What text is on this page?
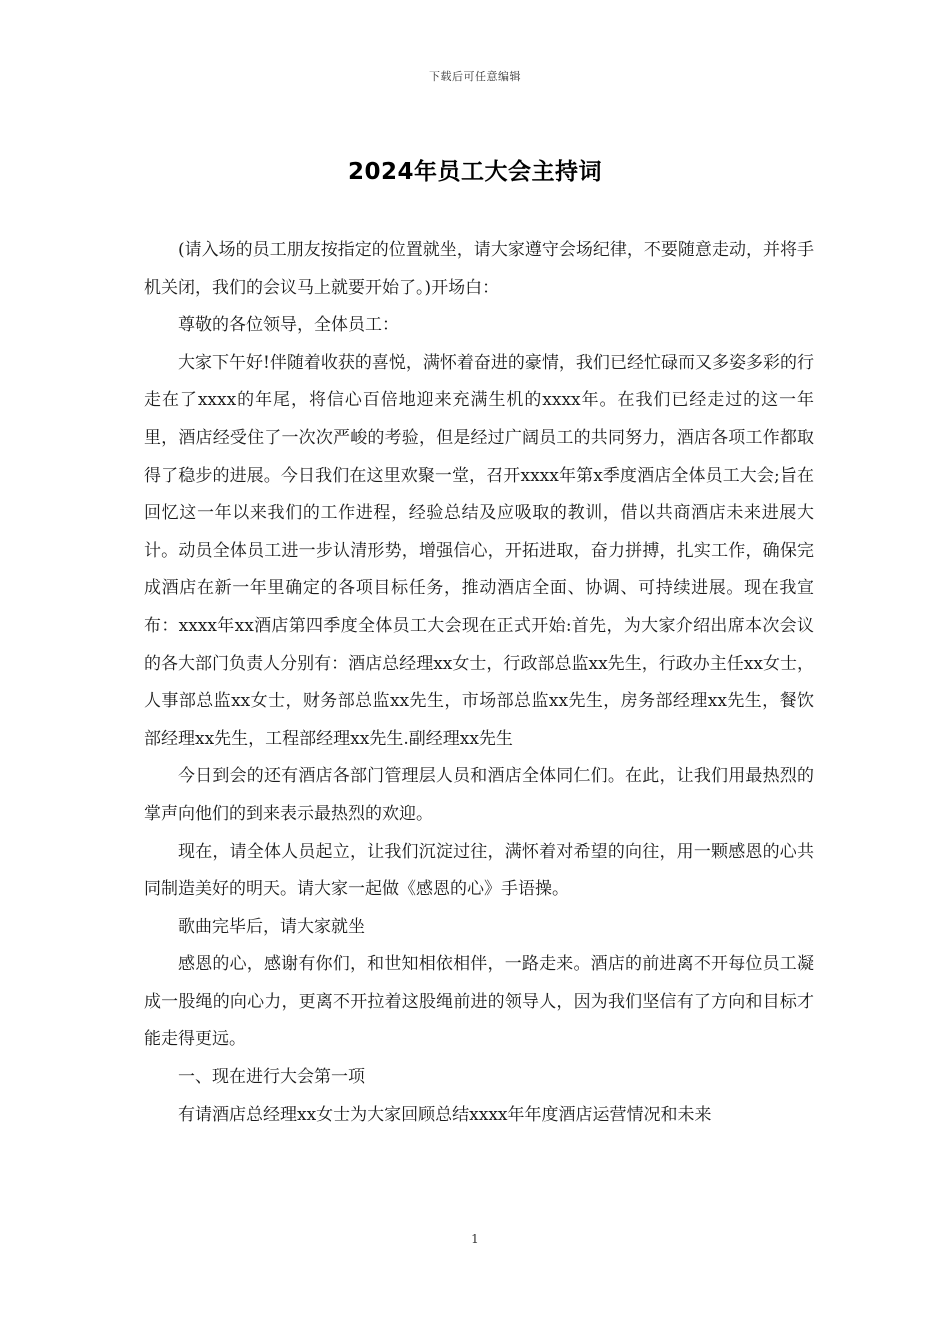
下载后可任意编辑
2024年员工大会主持词

(请入场的员工朋友按指定的位置就坐，请大家遵守会场纪律，不要随意走动，并将手机关闭，我们的会议马上就要开始了。)开场白：

尊敬的各位领导，全体员工：

大家下午好!伴随着收获的喜悦，满怀着奋进的豪情，我们已经忙碌而又多姿多彩的行走在了xxxx的年尾，将信心百倍地迎来充满生机的xxxx年。在我们已经走过的这一年里，酒店经受住了一次次严峻的考验，但是经过广阔员工的共同努力，酒店各项工作都取得了稳步的进展。今日我们在这里欢聚一堂，召开xxxx年第x季度酒店全体员工大会;旨在回忆这一年以来我们的工作进程，经验总结及应吸取的教训，借以共商酒店未来进展大计。动员全体员工进一步认清形势，增强信心，开拓进取，奋力拼搏，扎实工作，确保完成酒店在新一年里确定的各项目标任务，推动酒店全面、协调、可持续进展。现在我宣布：xxxx年xx酒店第四季度全体员工大会现在正式开始:首先，为大家介绍出席本次会议的各大部门负责人分别有：酒店总经理xx女士，行政部总监xx先生，行政办主任xx女士，人事部总监xx女士，财务部总监xx先生，市场部总监xx先生，房务部经理xx先生，餐饮部经理xx先生，工程部经理xx先生.副经理xx先生

今日到会的还有酒店各部门管理层人员和酒店全体同仁们。在此，让我们用最热烈的掌声向他们的到来表示最热烈的欢迎。

现在，请全体人员起立，让我们沉淀过往，满怀着对希望的向往，用一颗感恩的心共同制造美好的明天。请大家一起做《感恩的心》手语操。

歌曲完毕后，请大家就坐

感恩的心，感谢有你们，和世知相依相伴，一路走来。酒店的前进离不开每位员工凝成一股绳的向心力，更离不开拉着这股绳前进的领导人，因为我们坚信有了方向和目标才能走得更远。

一、现在进行大会第一项

有请酒店总经理xx女士为大家回顾总结xxxx年年度酒店运营情况和未来

1
